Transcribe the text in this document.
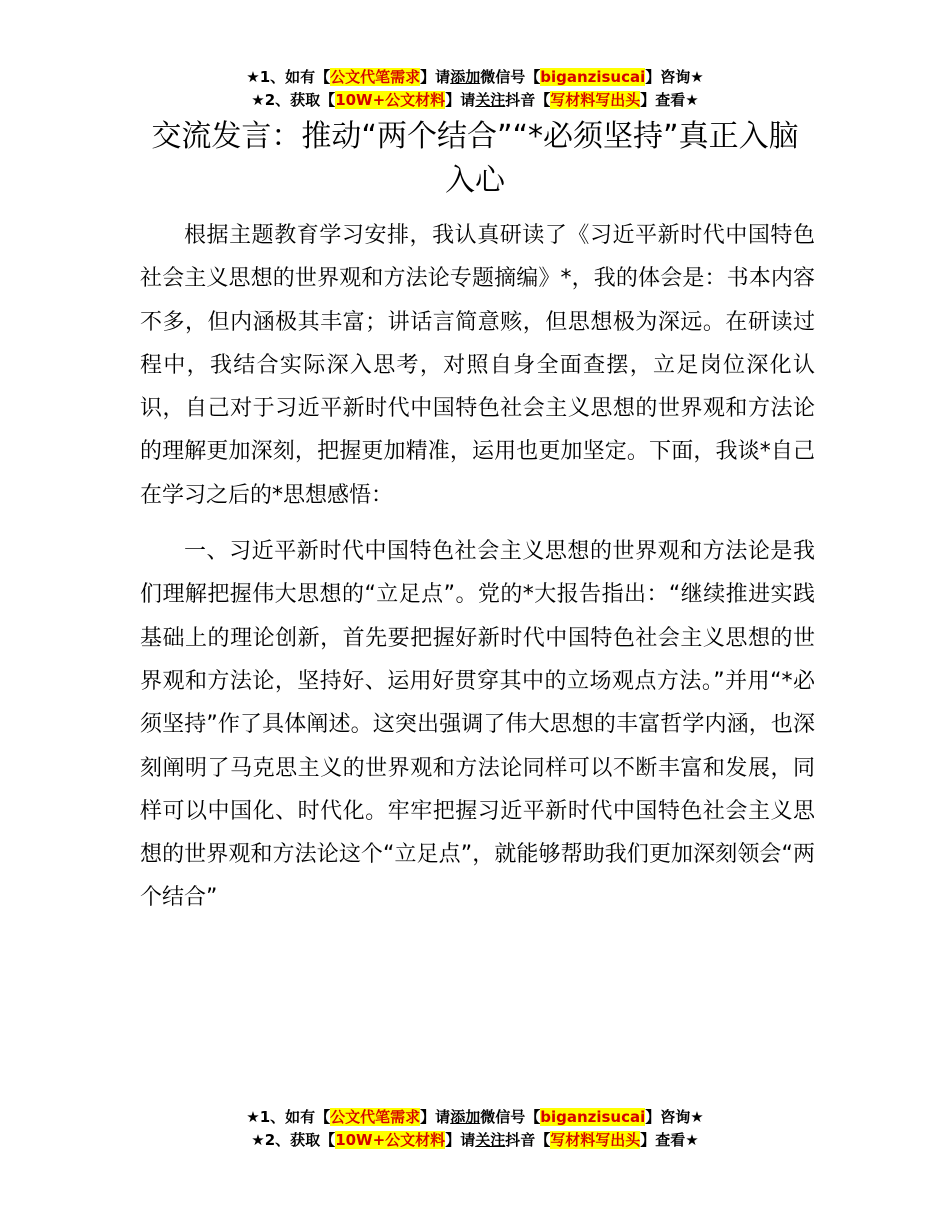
★1、如有【公文代笔需求】请添加微信号【biganzisucai】咨询★
★2、获取【10W+公文材料】请关注抖音【写材料写出头】查看★
交流发言：推动“两个结合”“*必须坚持”真正入脑入心

根据主题教育学习安排，我认真研读了《习近平新时代中国特色社会主义思想的世界观和方法论专题摘编》*，我的体会是：书本内容不多，但内涵极其丰富；讲话言简意赅，但思想极为深远。在研读过程中，我结合实际深入思考，对照自身全面查摆，立足岗位深化认识，自己对于习近平新时代中国特色社会主义思想的世界观和方法论的理解更加深刻，把握更加精准，运用也更加坚定。下面，我谈*自己在学习之后的*思想感悟：

一、习近平新时代中国特色社会主义思想的世界观和方法论是我们理解把握伟大思想的“立足点”。党的*大报告指出：“继续推进实践基础上的理论创新，首先要把握好新时代中国特色社会主义思想的世界观和方法论，坚持好、运用好贯穿其中的立场观点方法。”并用“*必须坚持”作了具体阐述。这突出强调了伟大思想的丰富哲学内涵，也深刻阐明了马克思主义的世界观和方法论同样可以不断丰富和发展，同样可以中国化、时代化。牢牢把握习近平新时代中国特色社会主义思想的世界观和方法论这个“立足点”，就能够帮助我们更加深刻领会“两个结合”

★1、如有【公文代笔需求】请添加微信号【biganzisucai】咨询★
★2、获取【10W+公文材料】请关注抖音【写材料写出头】查看★
